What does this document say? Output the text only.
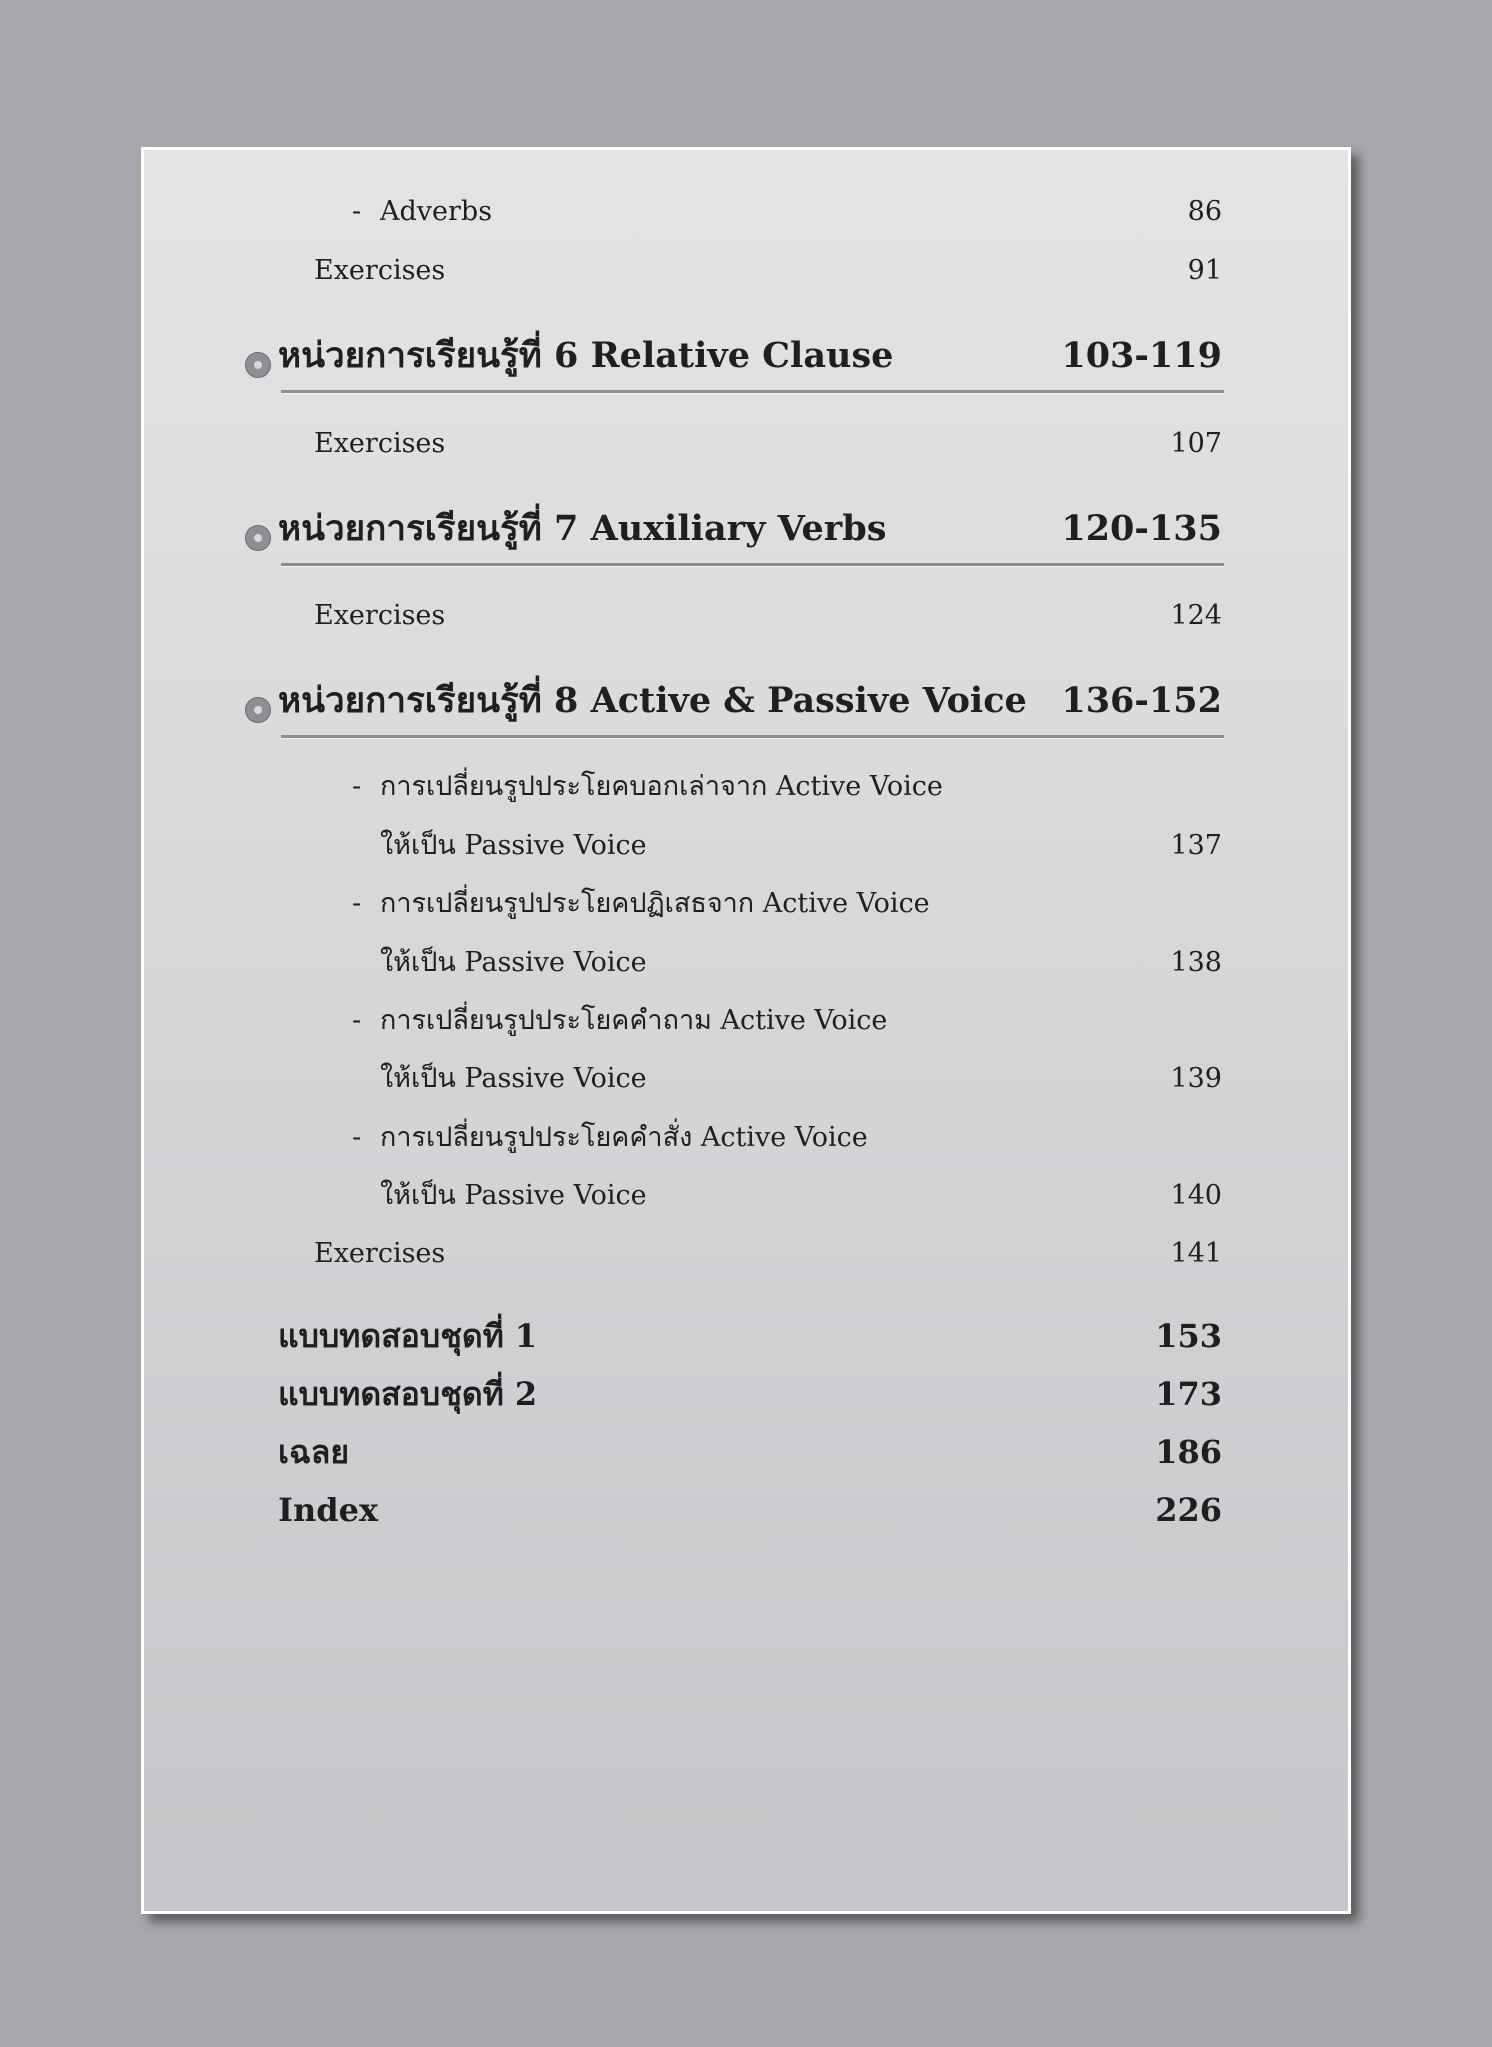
- Adverbs	86
Exercises	91
หน่วยการเรียนรู้ที่ 6 Relative Clause	103-119
Exercises	107
หน่วยการเรียนรู้ที่ 7 Auxiliary Verbs	120-135
Exercises	124
หน่วยการเรียนรู้ที่ 8 Active & Passive Voice 136-152
- การเปลี่ยนรูปประโยคบอกเล่าจาก Active Voice
ให้เป็น Passive Voice	137
- การเปลี่ยนรูปประโยคปฏิเสธจาก Active Voice
ให้เป็น Passive Voice	138
- การเปลี่ยนรูปประโยคคำถาม Active Voice
ให้เป็น Passive Voice	139
- การเปลี่ยนรูปประโยคคำสั่ง Active Voice
ให้เป็น Passive Voice	140
Exercises	141
แบบทดสอบชุดที่ 1	153
แบบทดสอบชุดที่ 2	173
เฉลย	186
Index	226
